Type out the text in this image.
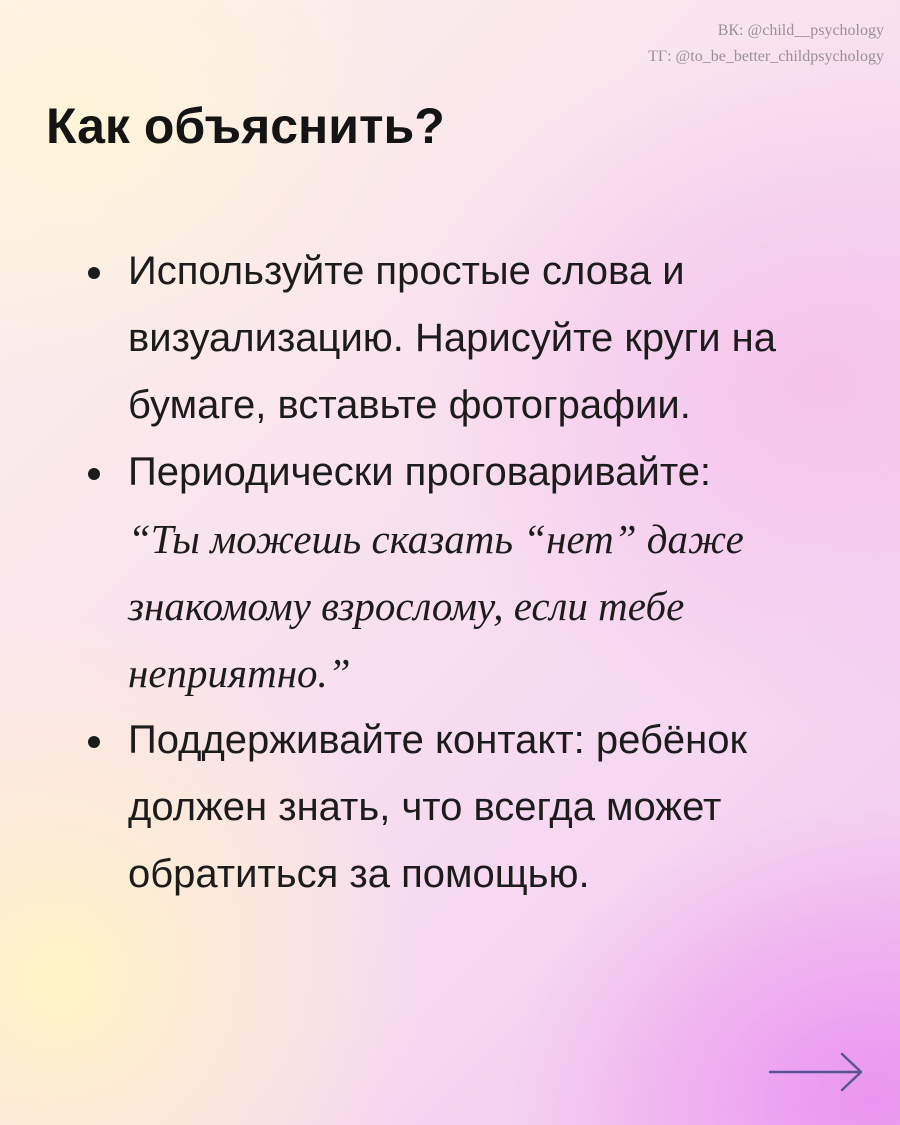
ВК: @child__psychology
ТГ: @to_be_better_childpsychology
Как объяснить?
Используйте простые слова и визуализацию. Нарисуйте круги на бумаге, вставьте фотографии.
Периодически проговаривайте:
“Ты можешь сказать “нет” даже знакомому взрослому, если тебе неприятно.”
Поддерживайте контакт: ребёнок должен знать, что всегда может обратиться за помощью.
